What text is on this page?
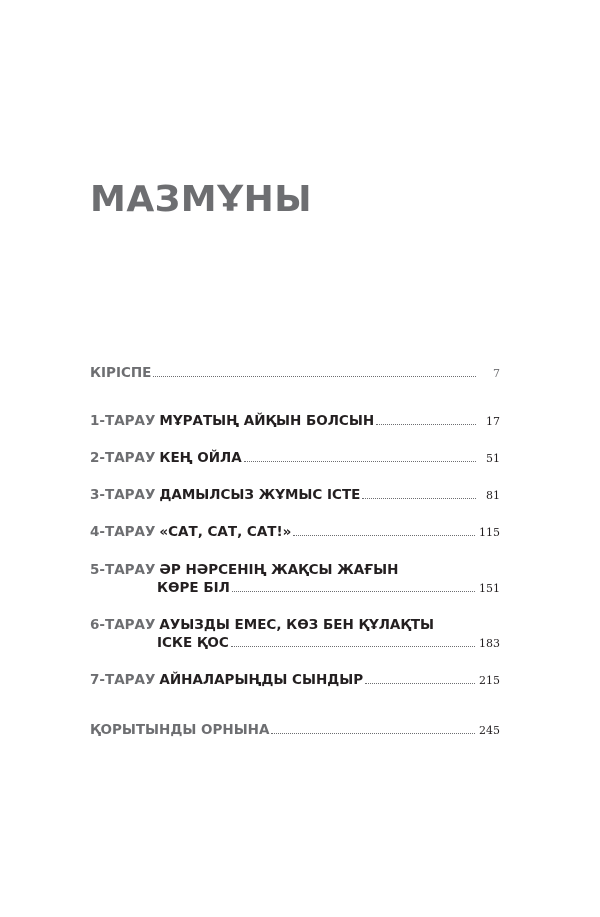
МАЗМҰНЫ
КІРІСПЕ	7
1-ТАРАУ МҰРАТЫҢ АЙҚЫН БОЛСЫН	17
2-ТАРАУ КЕҢ ОЙЛА	51
3-ТАРАУ ДАМЫЛСЫЗ ЖҰМЫС ІСТЕ	81
4-ТАРАУ «САТ, САТ, САТ!»	115
5-ТАРАУ ӘР НӘРСЕНІҢ ЖАҚСЫ ЖАҒЫН
КӨРЕ БІЛ	151
6-ТАРАУ АУЫЗДЫ ЕМЕС, КӨЗ БЕН ҚҰЛАҚТЫ
ІСКЕ ҚОС	183
7-ТАРАУ АЙНАЛАРЫҢДЫ СЫНДЫР	215
ҚОРЫТЫНДЫ ОРНЫНА	245
